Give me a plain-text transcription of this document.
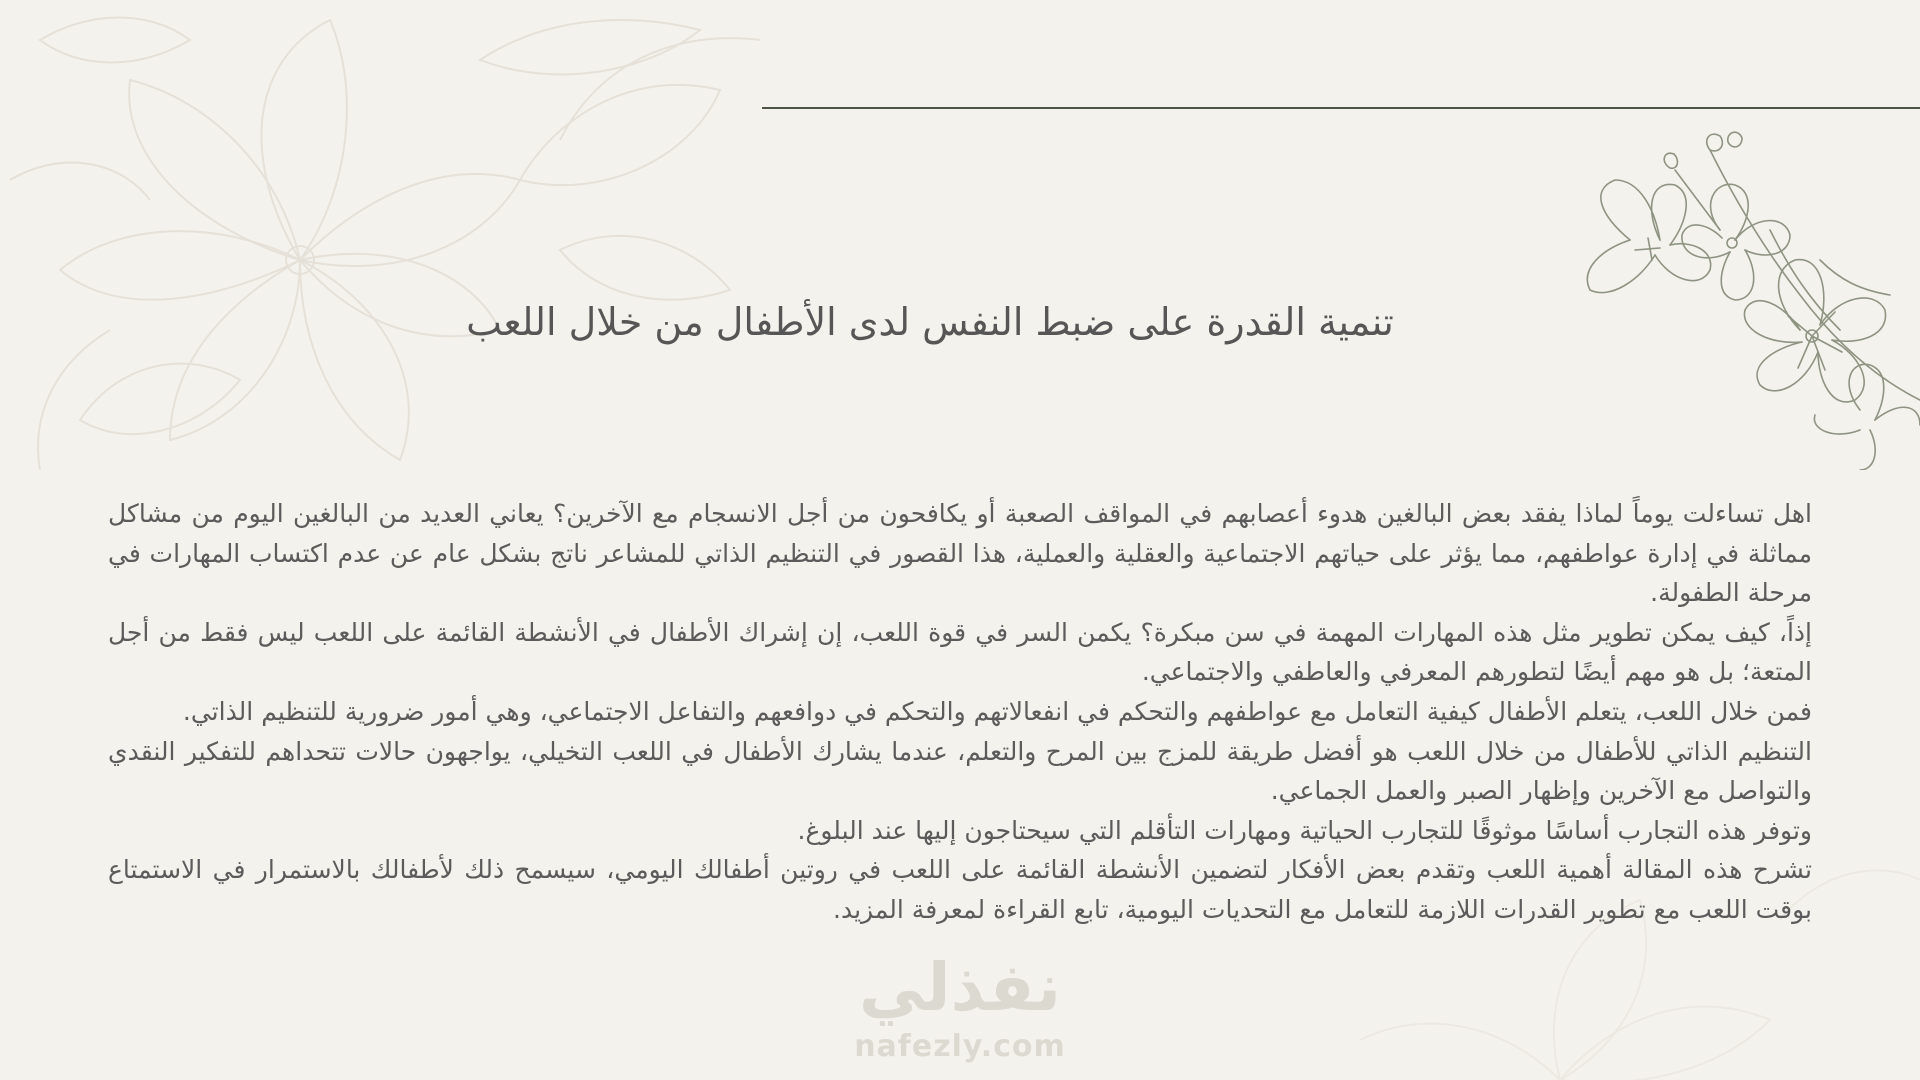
تنمية القدرة على ضبط النفس لدى الأطفال من خلال اللعب

اهل تساءلت يوماً لماذا يفقد بعض البالغين هدوء أعصابهم في المواقف الصعبة أو يكافحون من أجل الانسجام مع الآخرين؟ يعاني العديد من البالغين اليوم من مشاكل مماثلة في إدارة عواطفهم، مما يؤثر على حياتهم الاجتماعية والعقلية والعملية، هذا القصور في التنظيم الذاتي للمشاعر ناتج بشكل عام عن عدم اكتساب المهارات في مرحلة الطفولة.

إذاً، كيف يمكن تطوير مثل هذه المهارات المهمة في سن مبكرة؟ يكمن السر في قوة اللعب، إن إشراك الأطفال في الأنشطة القائمة على اللعب ليس فقط من أجل المتعة؛ بل هو مهم أيضًا لتطورهم المعرفي والعاطفي والاجتماعي.

فمن خلال اللعب، يتعلم الأطفال كيفية التعامل مع عواطفهم والتحكم في انفعالاتهم والتحكم في دوافعهم والتفاعل الاجتماعي، وهي أمور ضرورية للتنظيم الذاتي.

التنظيم الذاتي للأطفال من خلال اللعب هو أفضل طريقة للمزج بين المرح والتعلم، عندما يشارك الأطفال في اللعب التخيلي، يواجهون حالات تتحداهم للتفكير النقدي والتواصل مع الآخرين وإظهار الصبر والعمل الجماعي.

وتوفر هذه التجارب أساسًا موثوقًا للتجارب الحياتية ومهارات التأقلم التي سيحتاجون إليها عند البلوغ.

تشرح هذه المقالة أهمية اللعب وتقدم بعض الأفكار لتضمين الأنشطة القائمة على اللعب في روتين أطفالك اليومي، سيسمح ذلك لأطفالك بالاستمرار في الاستمتاع بوقت اللعب مع تطوير القدرات اللازمة للتعامل مع التحديات اليومية، تابع القراءة لمعرفة المزيد.

نفذلي
nafezly.com
